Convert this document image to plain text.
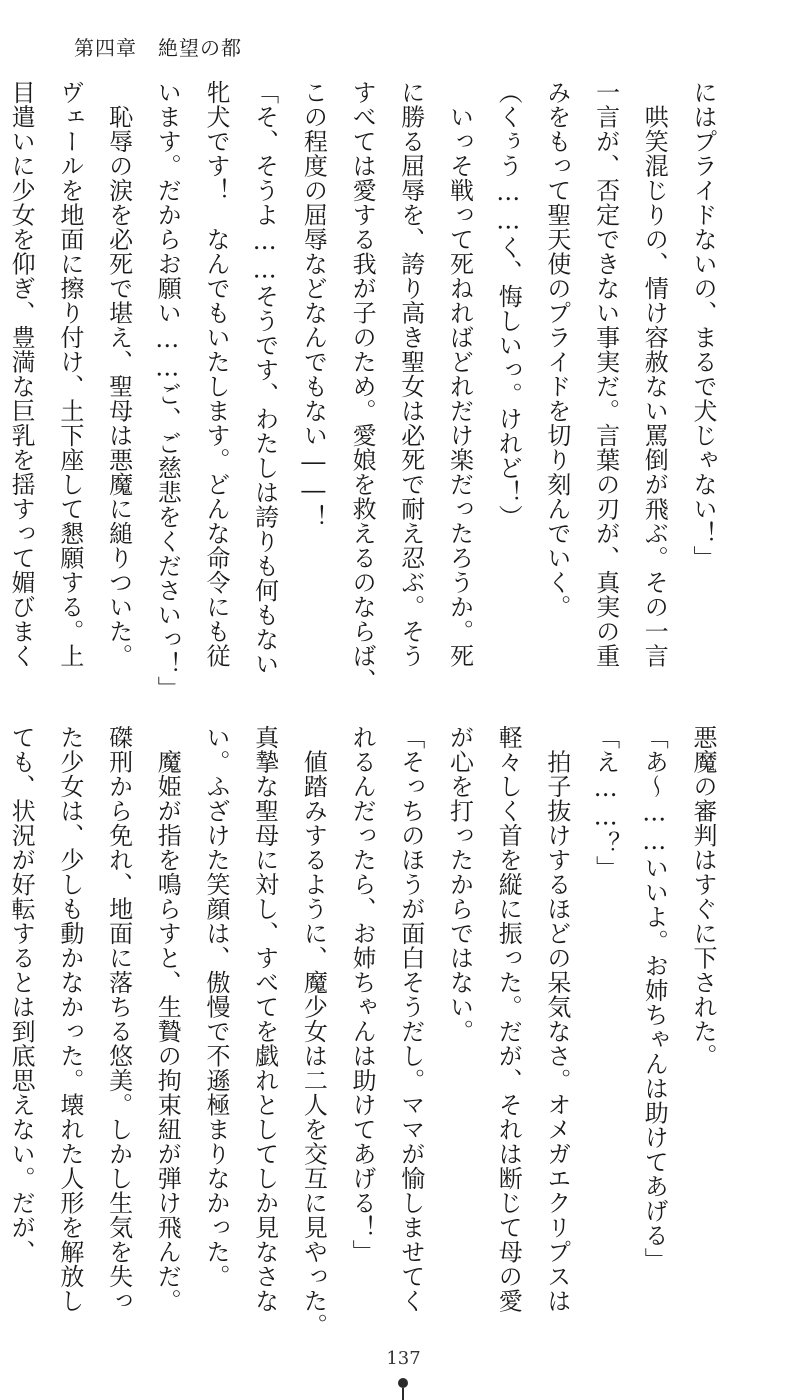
第四章　絶望の都
にはプライドないの、まるで犬じゃない！」
　哄笑混じりの、情け容赦ない罵倒が飛ぶ。その一言
一言が、否定できない事実だ。言葉の刃が、真実の重
みをもって聖天使のプライドを切り刻んでいく。
（くぅう……く、悔しいっ。けれど！）
　いっそ戦って死ねればどれだけ楽だったろうか。死
に勝る屈辱を、誇り高き聖女は必死で耐え忍ぶ。そう
すべては愛する我が子のため。愛娘を救えるのならば、
この程度の屈辱などなんでもない――！
「そ、そうよ……そうです、わたしは誇りも何もない
牝犬です！　なんでもいたします。どんな命令にも従
います。だからお願い……ご、ご慈悲をくださいっ！」
　恥辱の涙を必死で堪え、聖母は悪魔に縋りついた。
ヴェールを地面に擦り付け、土下座して懇願する。上
目遣いに少女を仰ぎ、豊満な巨乳を揺すって媚びまく
悪魔の審判はすぐに下された。
「あ〜……いいよ。お姉ちゃんは助けてあげる」
「え……？」
　拍子抜けするほどの呆気なさ。オメガエクリプスは
軽々しく首を縦に振った。だが、それは断じて母の愛
が心を打ったからではない。
「そっちのほうが面白そうだし。ママが愉しませてく
れるんだったら、お姉ちゃんは助けてあげる！」
　値踏みするように、魔少女は二人を交互に見やった。
真摯な聖母に対し、すべてを戯れとしてしか見なさな
い。ふざけた笑顔は、傲慢で不遜極まりなかった。
　魔姫が指を鳴らすと、生贄の拘束紐が弾け飛んだ。
磔刑から免れ、地面に落ちる悠美。しかし生気を失っ
た少女は、少しも動かなかった。壊れた人形を解放し
ても、状況が好転するとは到底思えない。だが、
137
